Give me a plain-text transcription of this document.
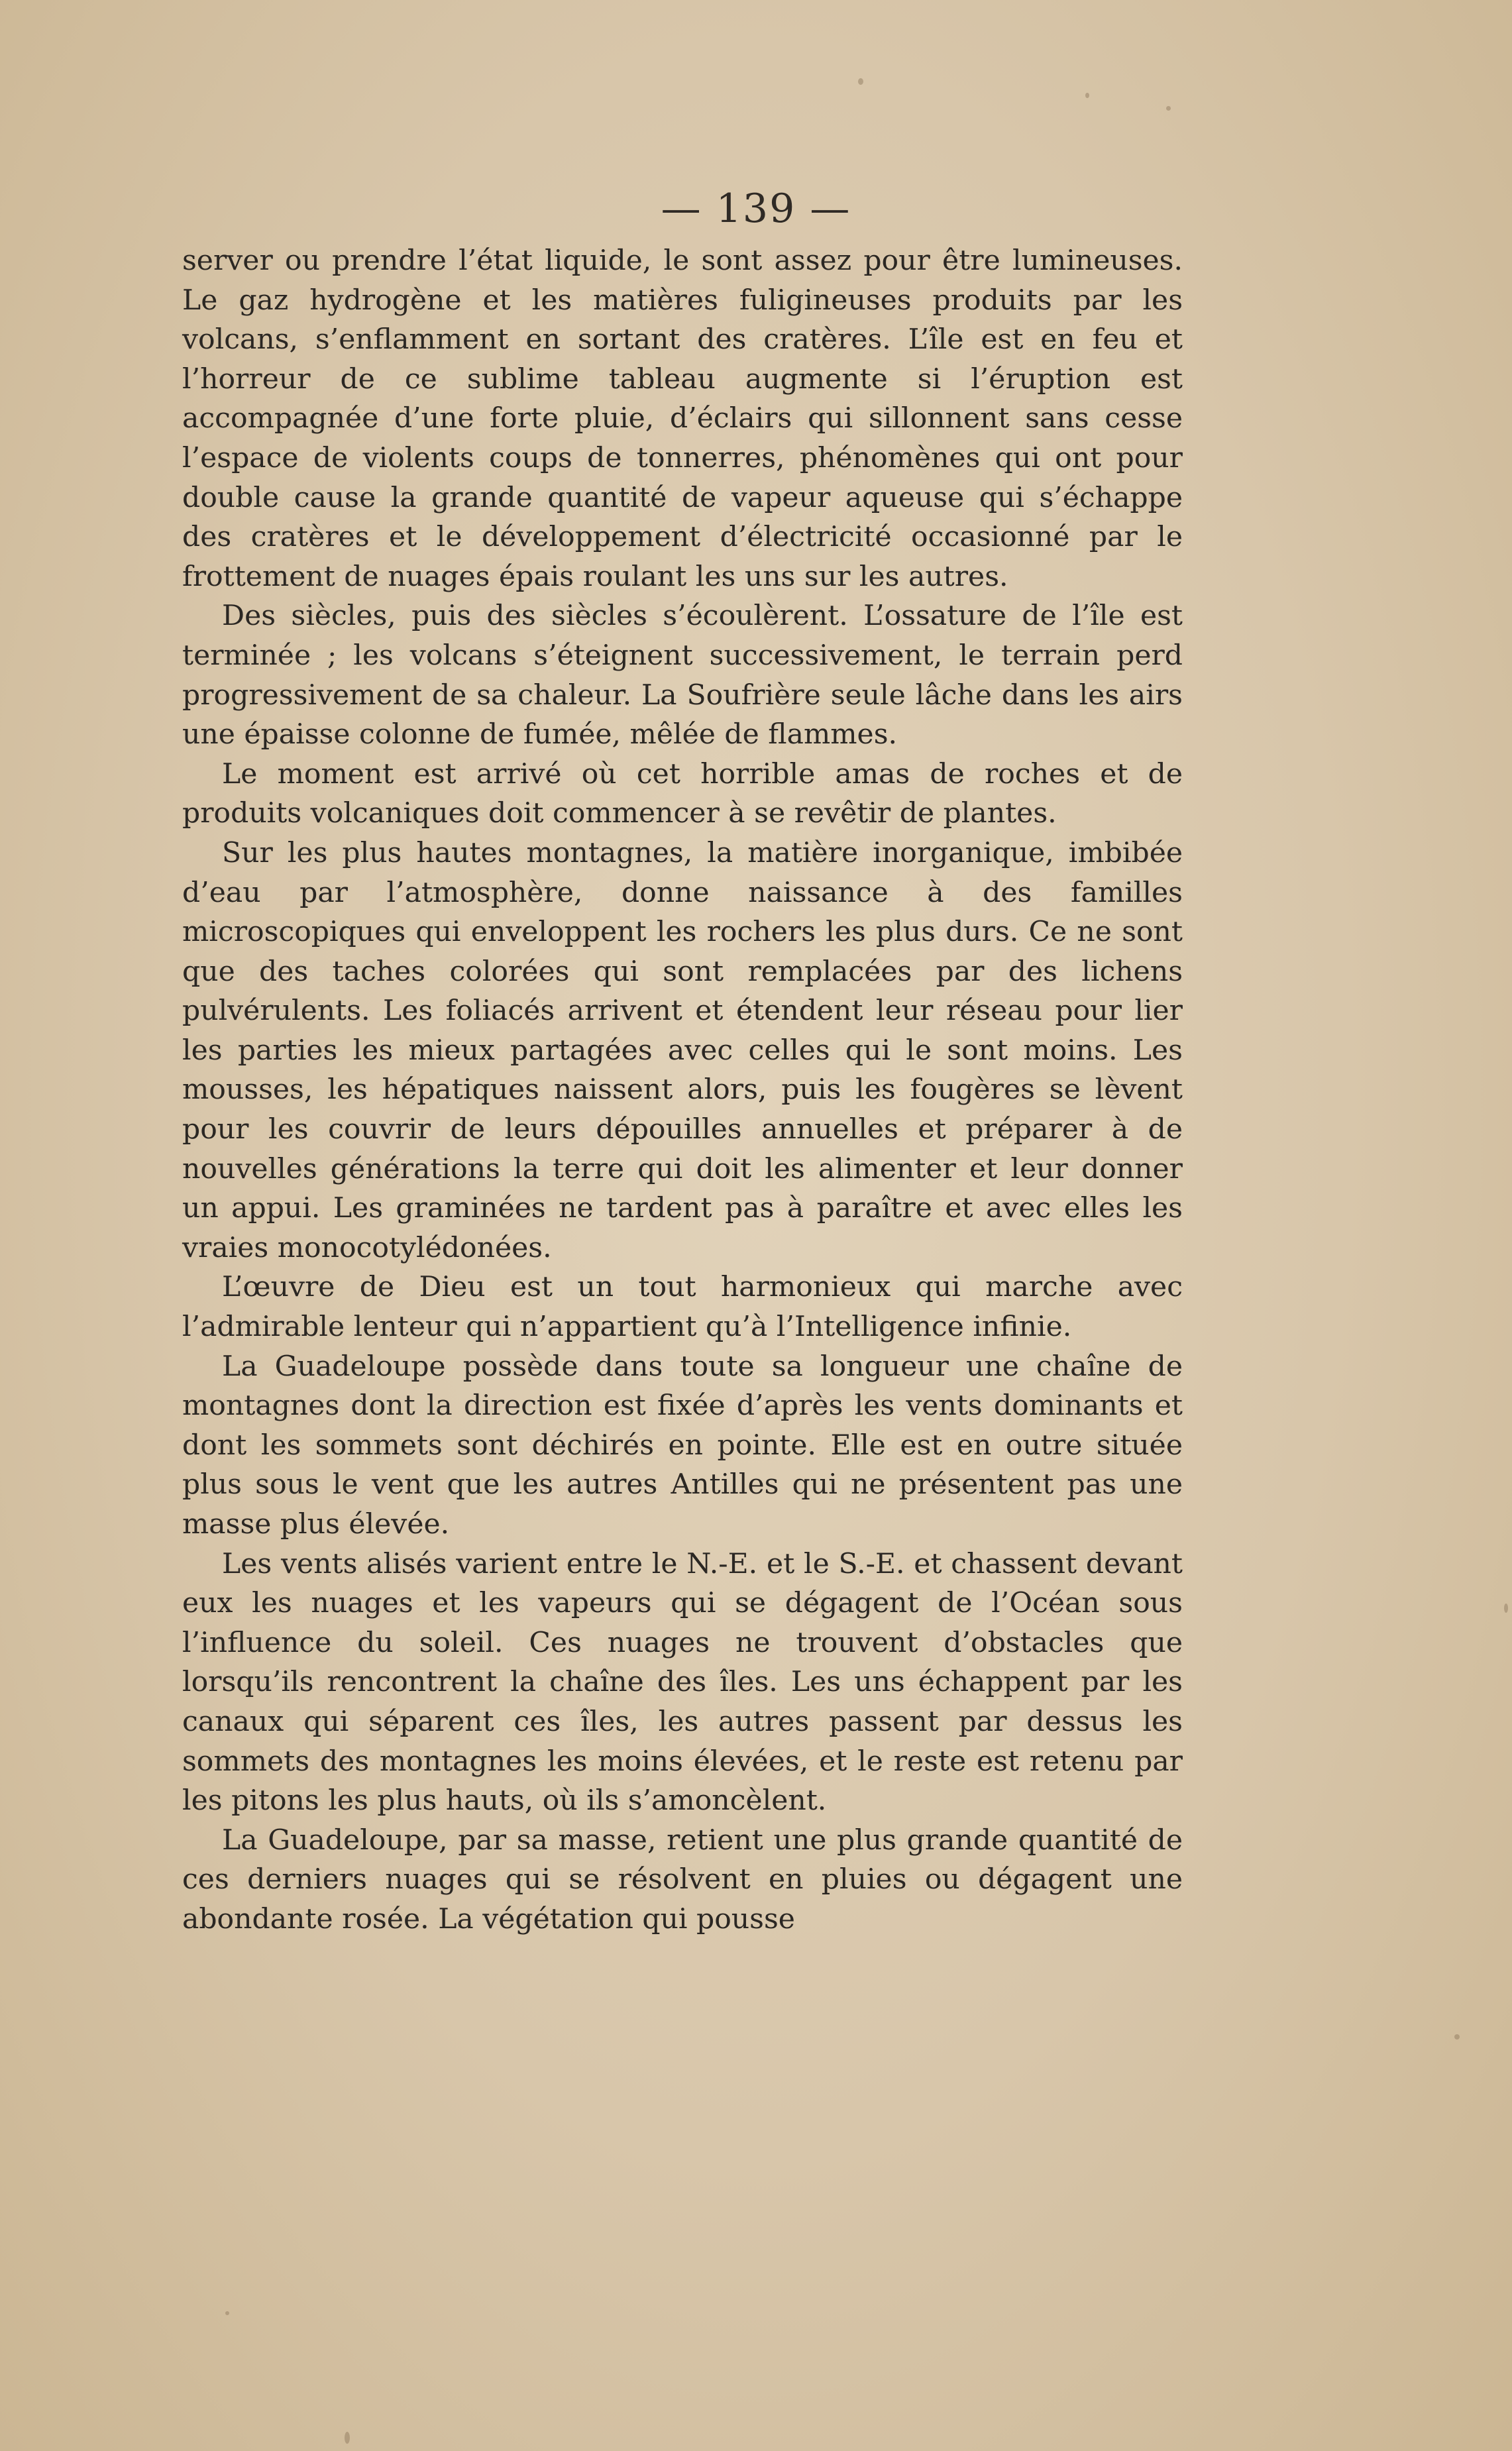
— 139 —

server ou prendre l’état liquide, le sont assez pour être lumineuses. Le gaz hydrogène et les matières fuligineuses produits par les volcans, s’enflamment en sortant des cratères. L’île est en feu et l’horreur de ce sublime tableau augmente si l’éruption est accompagnée d’une forte pluie, d’éclairs qui sillonnent sans cesse l’espace de violents coups de tonnerres, phénomènes qui ont pour double cause la grande quantité de vapeur aqueuse qui s’échappe des cratères et le développement d’électricité occasionné par le frottement de nuages épais roulant les uns sur les autres.

Des siècles, puis des siècles s’écoulèrent. L’ossature de l’île est terminée ; les volcans s’éteignent successivement, le terrain perd progressivement de sa chaleur. La Soufrière seule lâche dans les airs une épaisse colonne de fumée, mêlée de flammes.

Le moment est arrivé où cet horrible amas de roches et de produits volcaniques doit commencer à se revêtir de plantes.

Sur les plus hautes montagnes, la matière inorganique, imbibée d’eau par l’atmosphère, donne naissance à des familles microscopiques qui enveloppent les rochers les plus durs. Ce ne sont que des taches colorées qui sont remplacées par des lichens pulvérulents. Les foliacés arrivent et étendent leur réseau pour lier les parties les mieux partagées avec celles qui le sont moins. Les mousses, les hépatiques naissent alors, puis les fougères se lèvent pour les couvrir de leurs dépouilles annuelles et préparer à de nouvelles générations la terre qui doit les alimenter et leur donner un appui. Les graminées ne tardent pas à paraître et avec elles les vraies monocotylédonées.

L’œuvre de Dieu est un tout harmonieux qui marche avec l’admirable lenteur qui n’appartient qu’à l’Intelligence infinie.

La Guadeloupe possède dans toute sa longueur une chaîne de montagnes dont la direction est fixée d’après les vents dominants et dont les sommets sont déchirés en pointe. Elle est en outre située plus sous le vent que les autres Antilles qui ne présentent pas une masse plus élevée.

Les vents alisés varient entre le N.-E. et le S.-E. et chassent devant eux les nuages et les vapeurs qui se dégagent de l’Océan sous l’influence du soleil. Ces nuages ne trouvent d’obstacles que lorsqu’ils rencontrent la chaîne des îles. Les uns échappent par les canaux qui séparent ces îles, les autres passent par dessus les sommets des montagnes les moins élevées, et le reste est retenu par les pitons les plus hauts, où ils s’amoncèlent.

La Guadeloupe, par sa masse, retient une plus grande quantité de ces derniers nuages qui se résolvent en pluies ou dégagent une abondante rosée. La végétation qui pousse
